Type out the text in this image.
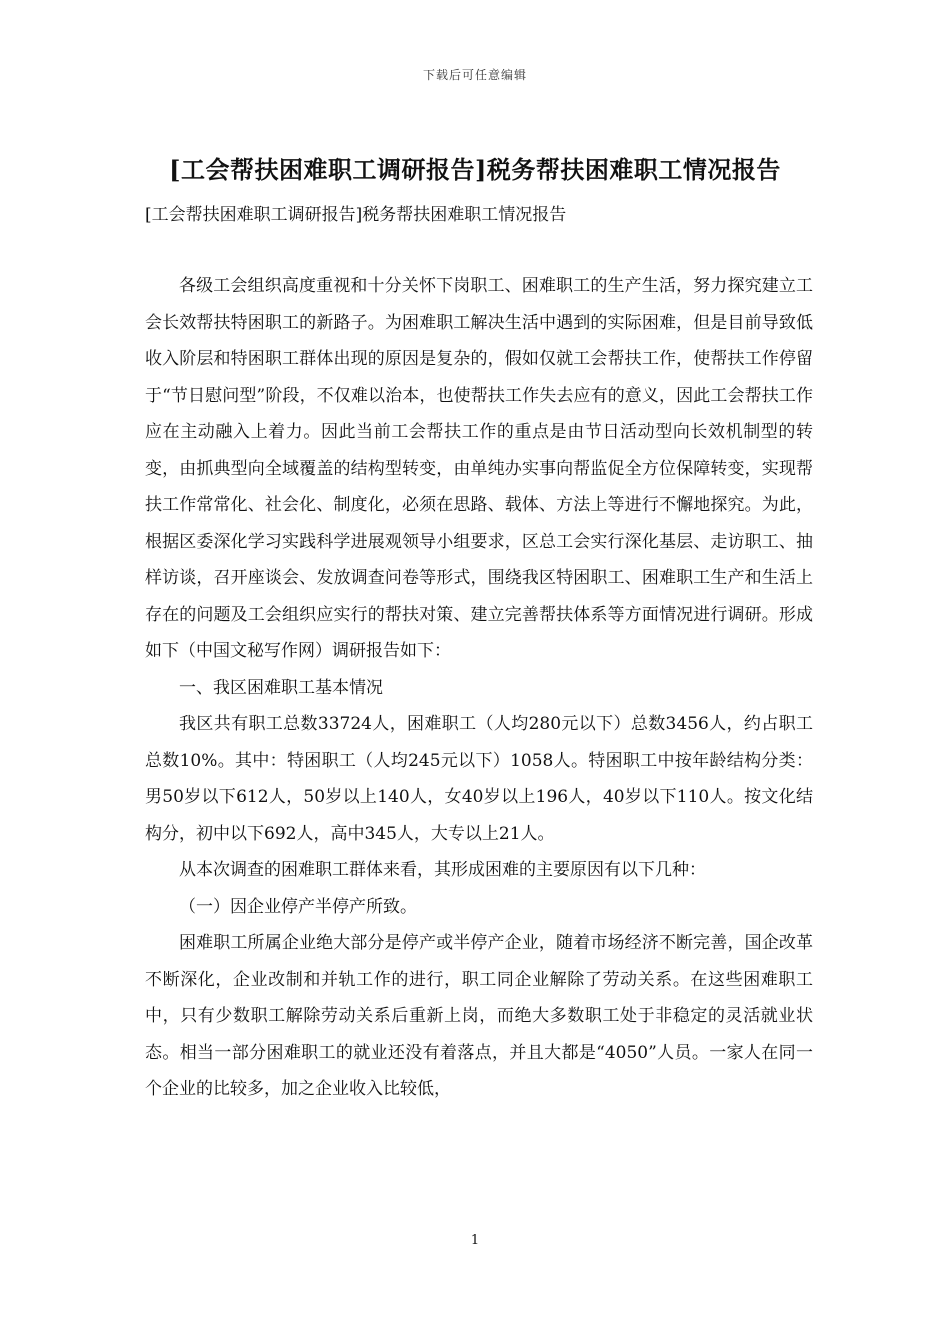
下载后可任意编辑
[工会帮扶困难职工调研报告]税务帮扶困难职工情况报告

[工会帮扶困难职工调研报告]税务帮扶困难职工情况报告

各级工会组织高度重视和十分关怀下岗职工、困难职工的生产生活，努力探究建立工会长效帮扶特困职工的新路子。为困难职工解决生活中遇到的实际困难，但是目前导致低收入阶层和特困职工群体出现的原因是复杂的，假如仅就工会帮扶工作，使帮扶工作停留于“节日慰问型”阶段，不仅难以治本，也使帮扶工作失去应有的意义，因此工会帮扶工作应在主动融入上着力。因此当前工会帮扶工作的重点是由节日活动型向长效机制型的转变，由抓典型向全域覆盖的结构型转变，由单纯办实事向帮监促全方位保障转变，实现帮扶工作常常化、社会化、制度化，必须在思路、载体、方法上等进行不懈地探究。为此，根据区委深化学习实践科学进展观领导小组要求，区总工会实行深化基层、走访职工、抽样访谈，召开座谈会、发放调查问卷等形式，围绕我区特困职工、困难职工生产和生活上存在的问题及工会组织应实行的帮扶对策、建立完善帮扶体系等方面情况进行调研。形成如下（中国文秘写作网）调研报告如下：

一、我区困难职工基本情况

我区共有职工总数33724人，困难职工（人均280元以下）总数3456人，约占职工总数10%。其中：特困职工（人均245元以下）1058人。特困职工中按年龄结构分类：男50岁以下612人，50岁以上140人，女40岁以上196人，40岁以下110人。按文化结构分，初中以下692人，高中345人，大专以上21人。

从本次调查的困难职工群体来看，其形成困难的主要原因有以下几种：

（一）因企业停产半停产所致。

困难职工所属企业绝大部分是停产或半停产企业，随着市场经济不断完善，国企改革不断深化，企业改制和并轨工作的进行，职工同企业解除了劳动关系。在这些困难职工中，只有少数职工解除劳动关系后重新上岗，而绝大多数职工处于非稳定的灵活就业状态。相当一部分困难职工的就业还没有着落点，并且大都是“4050”人员。一家人在同一个企业的比较多，加之企业收入比较低，

1
